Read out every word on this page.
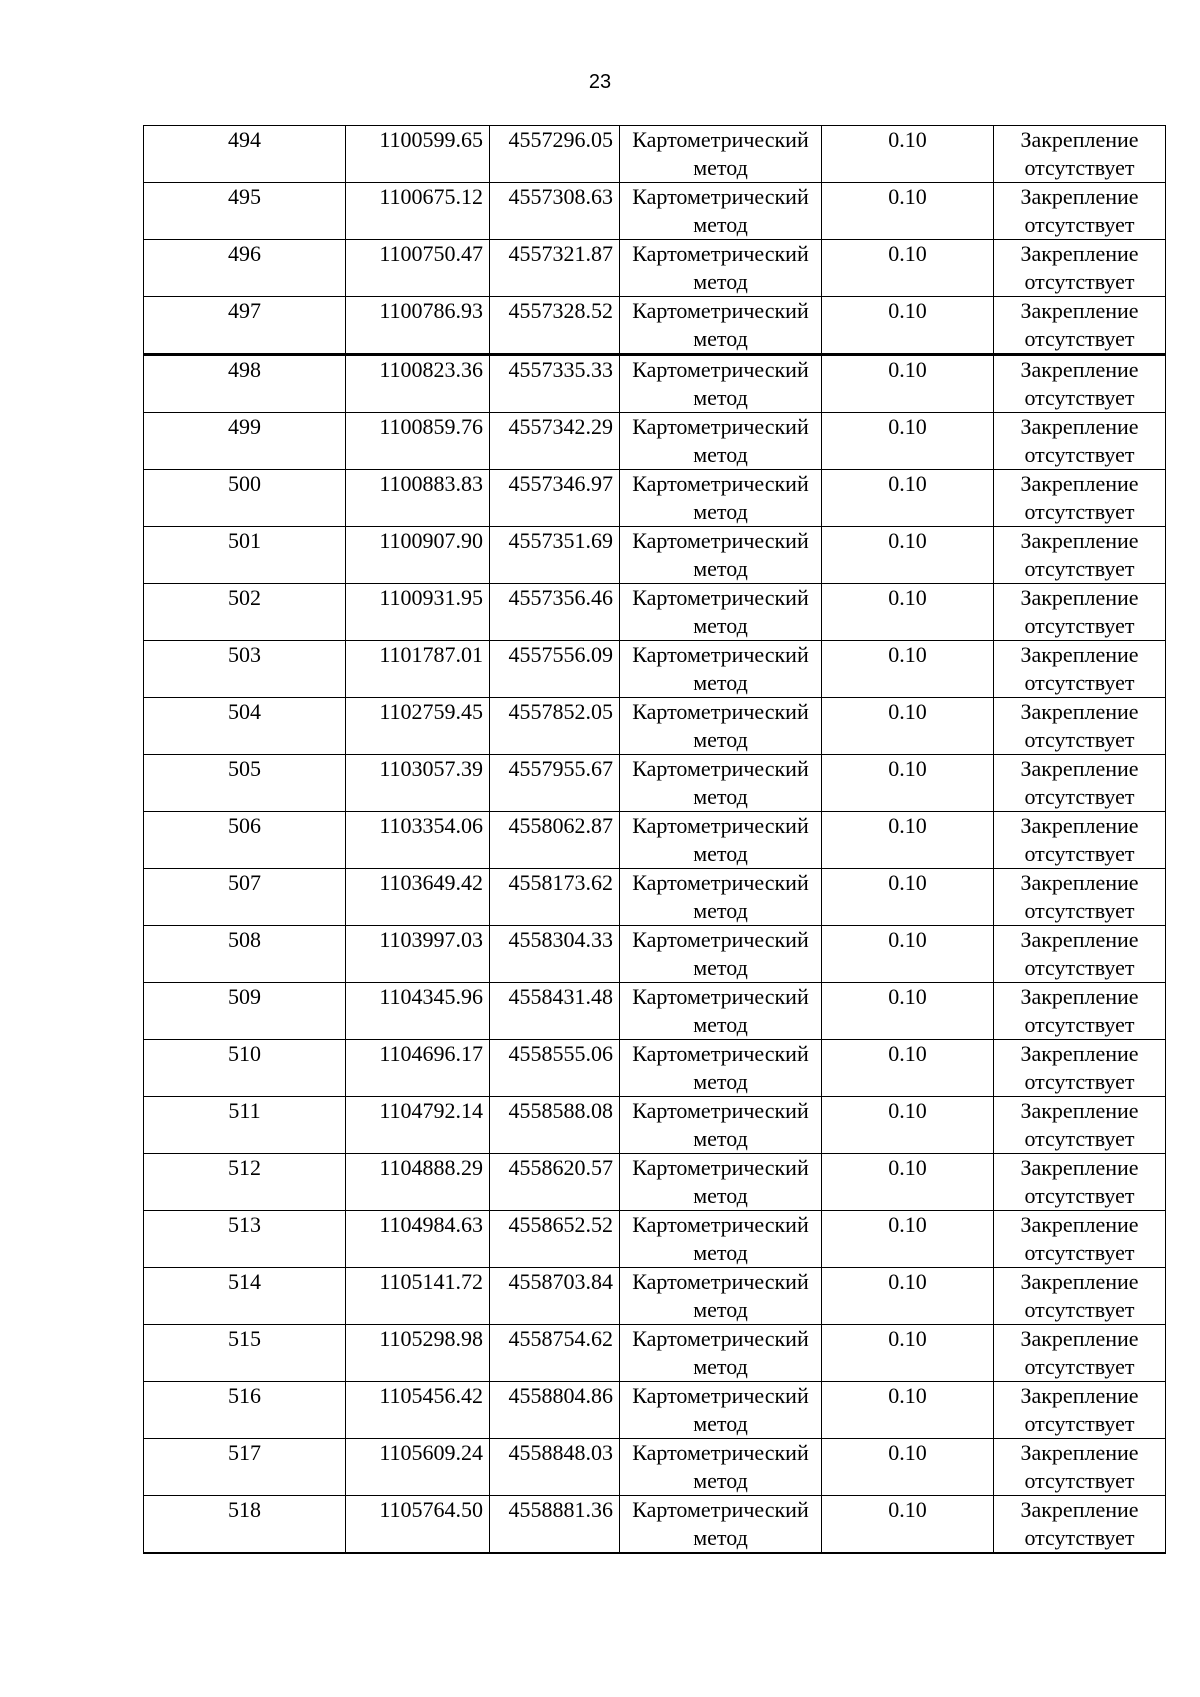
23
494	1100599.65	4557296.05	Картометрический метод	0.10	Закрепление отсутствует
495	1100675.12	4557308.63	Картометрический метод	0.10	Закрепление отсутствует
496	1100750.47	4557321.87	Картометрический метод	0.10	Закрепление отсутствует
497	1100786.93	4557328.52	Картометрический метод	0.10	Закрепление отсутствует
498	1100823.36	4557335.33	Картометрический метод	0.10	Закрепление отсутствует
499	1100859.76	4557342.29	Картометрический метод	0.10	Закрепление отсутствует
500	1100883.83	4557346.97	Картометрический метод	0.10	Закрепление отсутствует
501	1100907.90	4557351.69	Картометрический метод	0.10	Закрепление отсутствует
502	1100931.95	4557356.46	Картометрический метод	0.10	Закрепление отсутствует
503	1101787.01	4557556.09	Картометрический метод	0.10	Закрепление отсутствует
504	1102759.45	4557852.05	Картометрический метод	0.10	Закрепление отсутствует
505	1103057.39	4557955.67	Картометрический метод	0.10	Закрепление отсутствует
506	1103354.06	4558062.87	Картометрический метод	0.10	Закрепление отсутствует
507	1103649.42	4558173.62	Картометрический метод	0.10	Закрепление отсутствует
508	1103997.03	4558304.33	Картометрический метод	0.10	Закрепление отсутствует
509	1104345.96	4558431.48	Картометрический метод	0.10	Закрепление отсутствует
510	1104696.17	4558555.06	Картометрический метод	0.10	Закрепление отсутствует
511	1104792.14	4558588.08	Картометрический метод	0.10	Закрепление отсутствует
512	1104888.29	4558620.57	Картометрический метод	0.10	Закрепление отсутствует
513	1104984.63	4558652.52	Картометрический метод	0.10	Закрепление отсутствует
514	1105141.72	4558703.84	Картометрический метод	0.10	Закрепление отсутствует
515	1105298.98	4558754.62	Картометрический метод	0.10	Закрепление отсутствует
516	1105456.42	4558804.86	Картометрический метод	0.10	Закрепление отсутствует
517	1105609.24	4558848.03	Картометрический метод	0.10	Закрепление отсутствует
518	1105764.50	4558881.36	Картометрический метод	0.10	Закрепление отсутствует
